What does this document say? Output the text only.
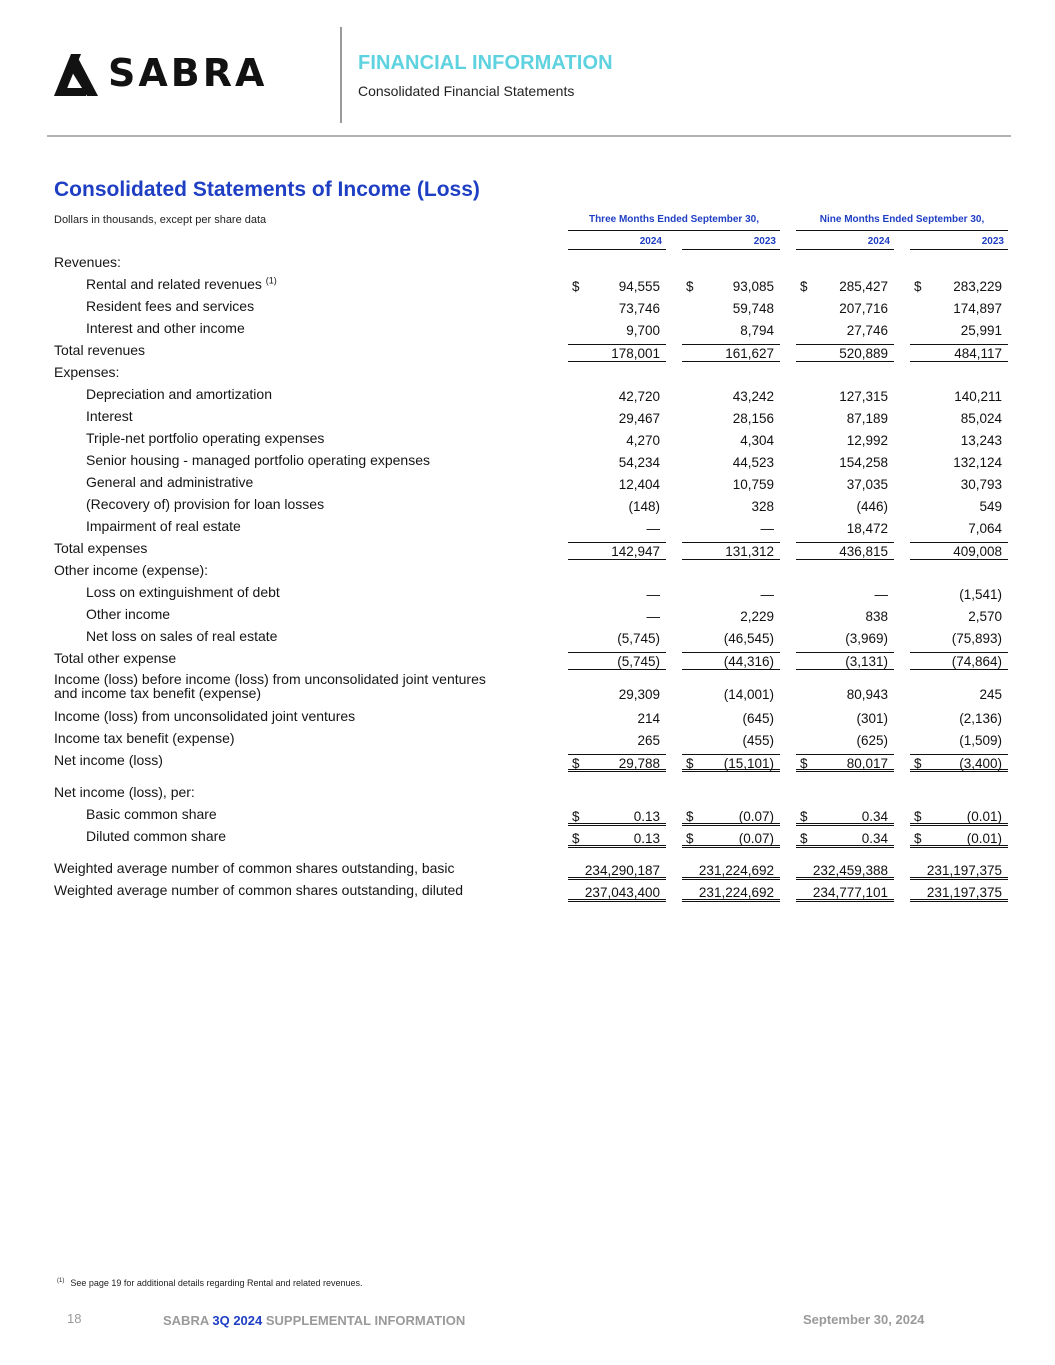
SABRA	FINANCIAL INFORMATION
Consolidated Financial Statements
Consolidated Statements of Income (Loss)
Dollars in thousands, except per share data	Three Months Ended September 30,	Nine Months Ended September 30,
2024	2023	2024	2023
Revenues:
Rental and related revenues $^{(1)}$	$	94,555	$	93,085	$ 285,427	$ 283,229
Resident fees and services	73,746	59,748	207,716	174,897
Interest and other income	9,700	8,794	27,746	25,991
Total revenues	178,001	161,627	520,889	484,117
Expenses:
Depreciation and amortization	42,720	43,242	127,315	140,211
Interest	29,467	28,156	87,189	85,024
Triple-net portfolio operating expenses	4,270	4,304	12,992	13,243
Senior housing - managed portfolio operating expenses	54,234	44,523	154,258	132,124
General and administrative	12,404	10,759	37,035	30,793
(Recovery of) provision for loan losses	(148)	328	(446)	549
Impairment of real estate	—	—	18,472	7,064
Total expenses	142,947	131,312	436,815	409,008
Other income (expense):
Loss on extinguishment of debt	—	—	—	(1,541)
Other income	—	2,229	838	2,570
Net loss on sales of real estate	(5,745)	(46,545)	(3,969)	(75,893)
Total other expense	(5,745)	(44,316)	(3,131)	(74,864)
Income (loss) before income (loss) from unconsolidated joint ventures
and income tax benefit (expense)	29,309	(14,001)	80,943	245
Income (loss) from unconsolidated joint ventures	214	(645)	(301)	(2,136)
Income tax benefit (expense)	265	(455)	(625)	(1,509)
Net income (loss)	$	29,788	$ (15,101)	$	80,017	$	(3,400)
Net income (loss), per:
Basic common share	$	0.13	$	(0.07)	$	0.34	$	(0.01)
Diluted common share	$	0.13	$	(0.07)	$	0.34	$	(0.01)
Weighted average number of common shares outstanding, basic	234,290,187	231,224,692	232,459,388	231,197,375
Weighted average number of common shares outstanding, diluted	237,043,400	231,224,692	234,777,101	231,197,375
$^{(1)}$ See page 19 for additional details regarding Rental and related revenues.
18	SABRA 3Q 2024 SUPPLEMENTAL INFORMATION	September 30, 2024
